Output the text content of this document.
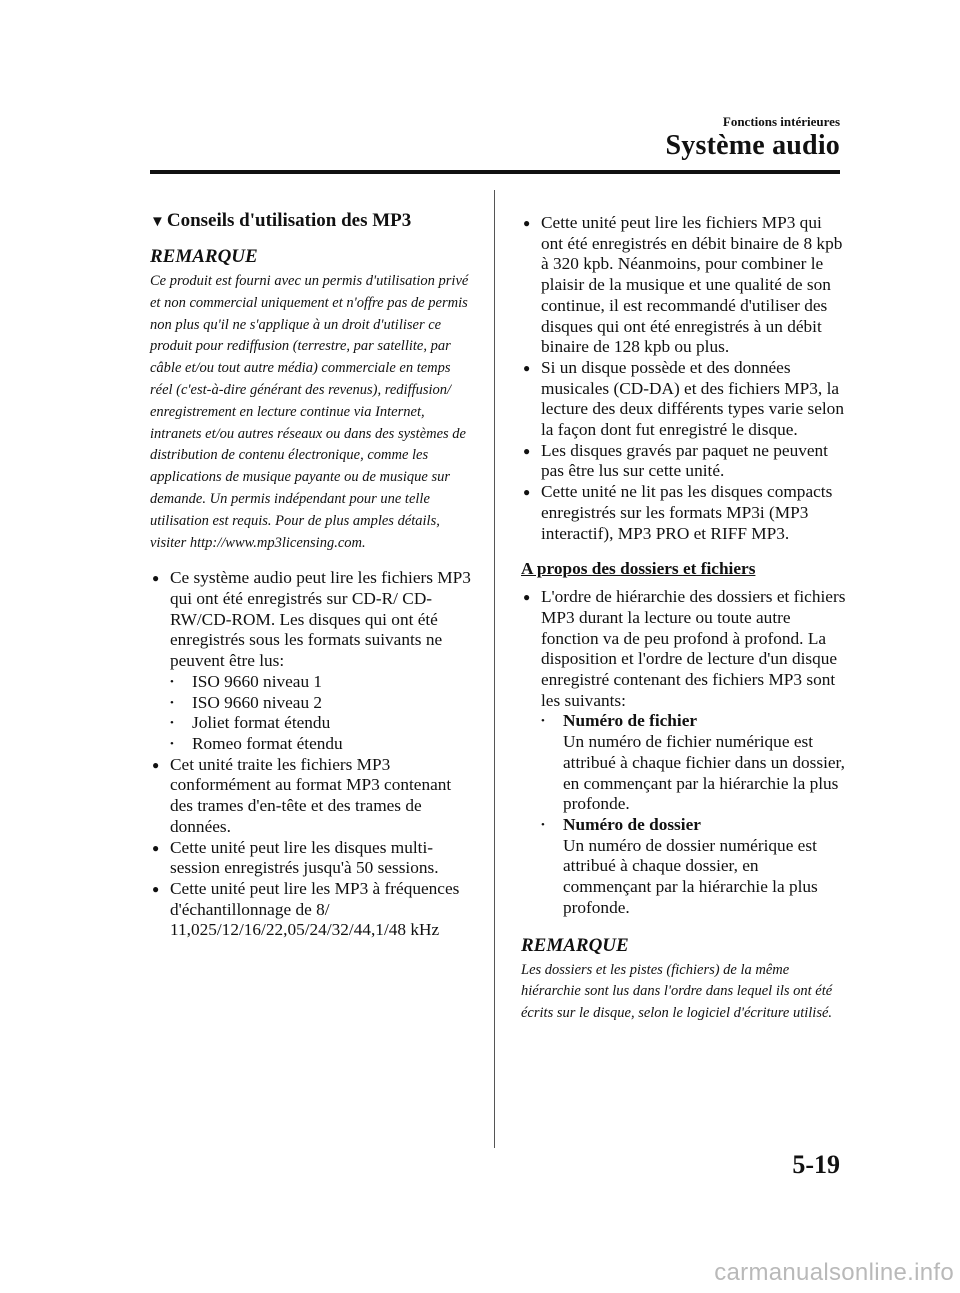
Fonctions intérieures
Système audio
▼ Conseils d'utilisation des MP3
REMARQUE
Ce produit est fourni avec un permis d'utilisation privé et non commercial uniquement et n'offre pas de permis non plus qu'il ne s'applique à un droit d'utiliser ce produit pour rediffusion (terrestre, par satellite, par câble et/ou tout autre média) commerciale en temps réel (c'est-à-dire générant des revenus), rediffusion/ enregistrement en lecture continue via Internet, intranets et/ou autres réseaux ou dans des systèmes de distribution de contenu électronique, comme les applications de musique payante ou de musique sur demande. Un permis indépendant pour une telle utilisation est requis. Pour de plus amples détails, visiter http://www.mp3licensing.com.
● Ce système audio peut lire les fichiers MP3 qui ont été enregistrés sur CD-R/ CD-RW/CD-ROM. Les disques qui ont été enregistrés sous les formats suivants ne peuvent être lus:
•	ISO 9660 niveau 1
•	ISO 9660 niveau 2
•	Joliet format étendu
•	Romeo format étendu
● Cet unité traite les fichiers MP3 conformément au format MP3 contenant des trames d'en-tête et des trames de données.
● Cette unité peut lire les disques multi-session enregistrés jusqu'à 50 sessions.
● Cette unité peut lire les MP3 à fréquences d'échantillonnage de 8/ 11,025/12/16/22,05/24/32/44,1/48 kHz
● Cette unité peut lire les fichiers MP3 qui ont été enregistrés en débit binaire de 8 kpb à 320 kpb. Néanmoins, pour combiner le plaisir de la musique et une qualité de son continue, il est recommandé d'utiliser des disques qui ont été enregistrés à un débit binaire de 128 kpb ou plus.
● Si un disque possède et des données musicales (CD-DA) et des fichiers MP3, la lecture des deux différents types varie selon la façon dont fut enregistré le disque.
● Les disques gravés par paquet ne peuvent pas être lus sur cette unité.
● Cette unité ne lit pas les disques compacts enregistrés sur les formats MP3i (MP3 interactif), MP3 PRO et RIFF MP3.
A propos des dossiers et fichiers
● L'ordre de hiérarchie des dossiers et fichiers MP3 durant la lecture ou toute autre fonction va de peu profond à profond. La disposition et l'ordre de lecture d'un disque enregistré contenant des fichiers MP3 sont les suivants:
•	Numéro de fichier
Un numéro de fichier numérique est attribué à chaque fichier dans un dossier, en commençant par la hiérarchie la plus profonde.
•	Numéro de dossier
Un numéro de dossier numérique est attribué à chaque dossier, en commençant par la hiérarchie la plus profonde.
REMARQUE
Les dossiers et les pistes (fichiers) de la même hiérarchie sont lus dans l'ordre dans lequel ils ont été écrits sur le disque, selon le logiciel d'écriture utilisé.
5-19
carmanualsonline.info
